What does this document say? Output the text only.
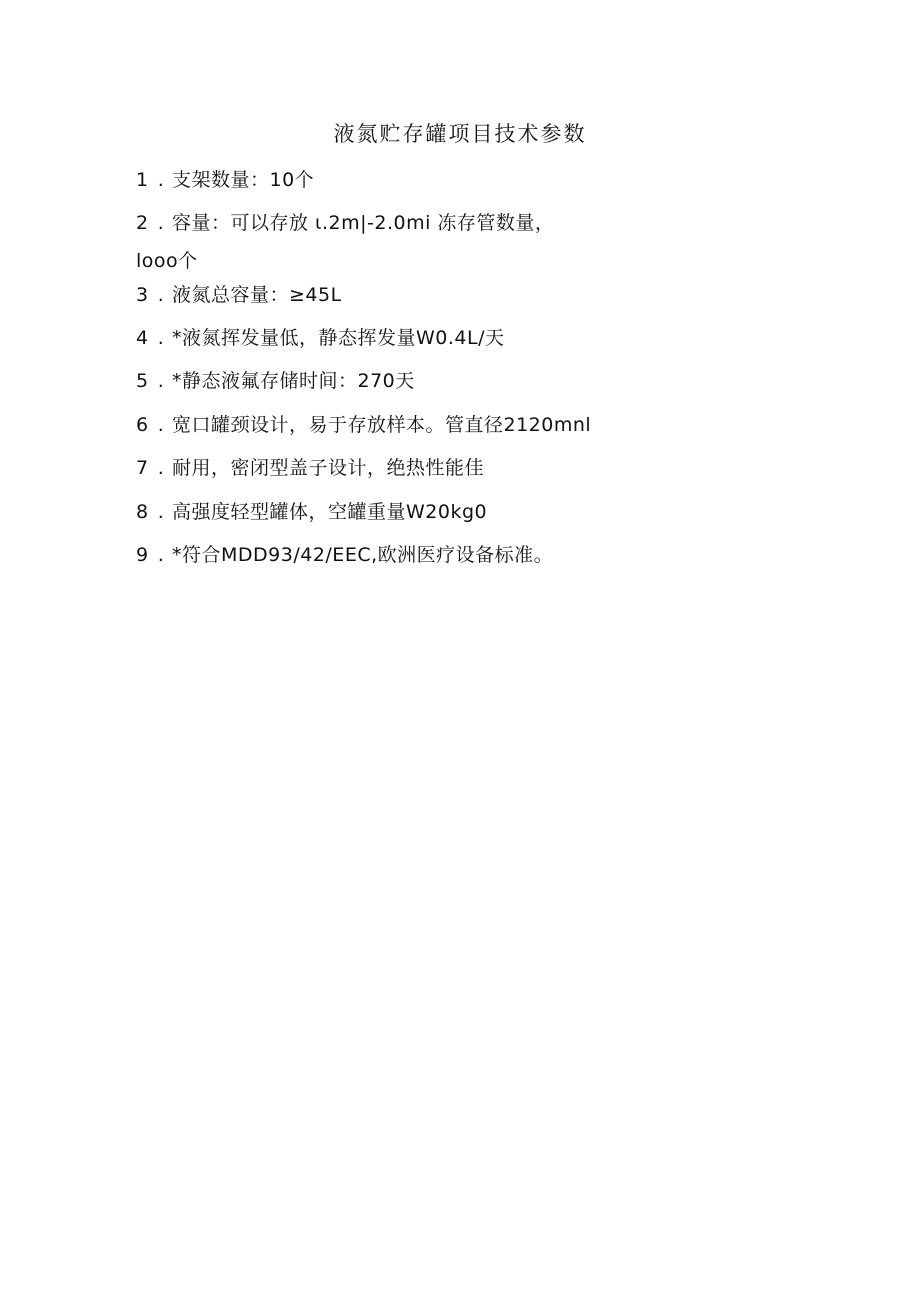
液氮贮存罐项目技术参数
1 . 支架数量：10个
2 . 容量：可以存放 ι.2m|-2.0mi 冻存管数量，
looo个
3 . 液氮总容量：≥45L
4 . *液氮挥发量低，静态挥发量W0.4L/天
5 . *静态液氟存储时间：270天
6 . 宽口罐颈设计，易于存放样本。管直径2120mnl
7 . 耐用，密闭型盖子设计，绝热性能佳
8 . 高强度轻型罐体，空罐重量W20kg0
9 . *符合MDD93/42/EEC,欧洲医疗设备标准。
